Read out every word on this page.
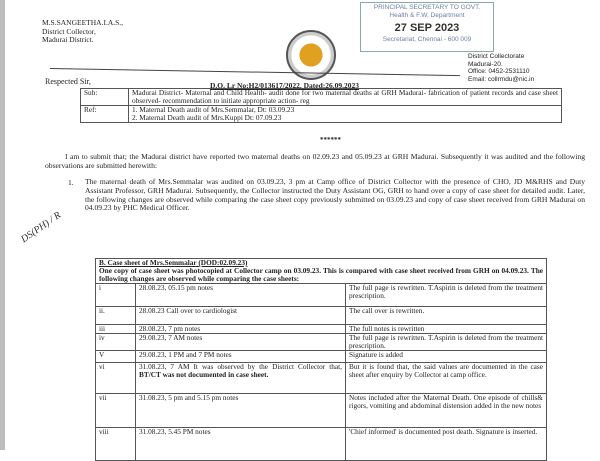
M.S.SANGEETHA.I.A.S.,
District Collector,
Madurai District.
PRINCIPAL SECRETARY TO GOVT.
Health & F.W. Department
27 SEP 2023
Secretariat, Chennai - 600 009
District Collectorate
Madurai-20.
Office: 0452-2531110
Email: collrmdu@nic.in
Respected Sir,	D.O. Lr No:H2/013617/2022, Dated:26.09.2023
Sub:	Madurai District- Maternal and Child Health- audit done for two maternal deaths at GRH Madurai- fabrication of patient records and case sheet observed- recommendation to initiate appropriate action- reg
Ref:	1. Maternal Death audit of Mrs.Semmalar, Dt: 03.09.23
2. Maternal Death audit of Mrs.Kuppi Dt: 07.09.23
******
I am to submit that; the Madurai district have reported two maternal deaths on 02.09.23 and 05.09.23 at GRH Madurai. Subsequently it was audited and the following observations are submitted herewith:
1. The maternal death of Mrs.Semmalar was audited on 03.09.23, 3 pm at Camp office of District Collector with the presence of CHO, JD M&RHS and Duty Assistant Professor, GRH Madurai. Subsequently, the Collector instructed the Duty Assistant OG, GRH to hand over a copy of case sheet for detailed audit. Later, the following changes are observed while comparing the case sheet copy previously submitted on 03.09.23 and copy of case sheet received from GRH Madurai on 04.09.23 by PHC Medical Officer.
DS(PH) / R
B. Case sheet of Mrs.Semmalar (DOD:02.09.23)
One copy of case sheet was photocopied at Collector camp on 03.09.23. This is compared with case sheet received from GRH on 04.09.23. The following changes are observed while comparing the case sheets:		

i	28.08.23, 05.15 pm notes	The full page is rewritten. T.Aspirin is deleted from the treatment prescription.
ii.	28.08.23 Call over to cardiologist	The call over is rewritten.
iii	28.08.23, 7 pm notes	The full notes is rewritten
iv	29.08.23, 7 AM notes	The full page is rewritten. T.Aspirin is deleted from the treatment prescription.
V	29.08.23, 1 PM and 7 PM notes	Signature is added
vi	31.08.23, 7 AM It was observed by the District Collector that, BT/CT was not documented in case sheet.	But it is found that, the said values are documented in the case sheet after enquiry by Collector at camp office.
vii	31.08.23, 5 pm and 5.15 pm notes	Notes included after the Maternal Death. One episode of chills& rigors, vomiting and abdominal distension added in the new notes
viii	31.08.23, 5.45 PM notes	'Chief informed' is documented post death. Signature is inserted.
